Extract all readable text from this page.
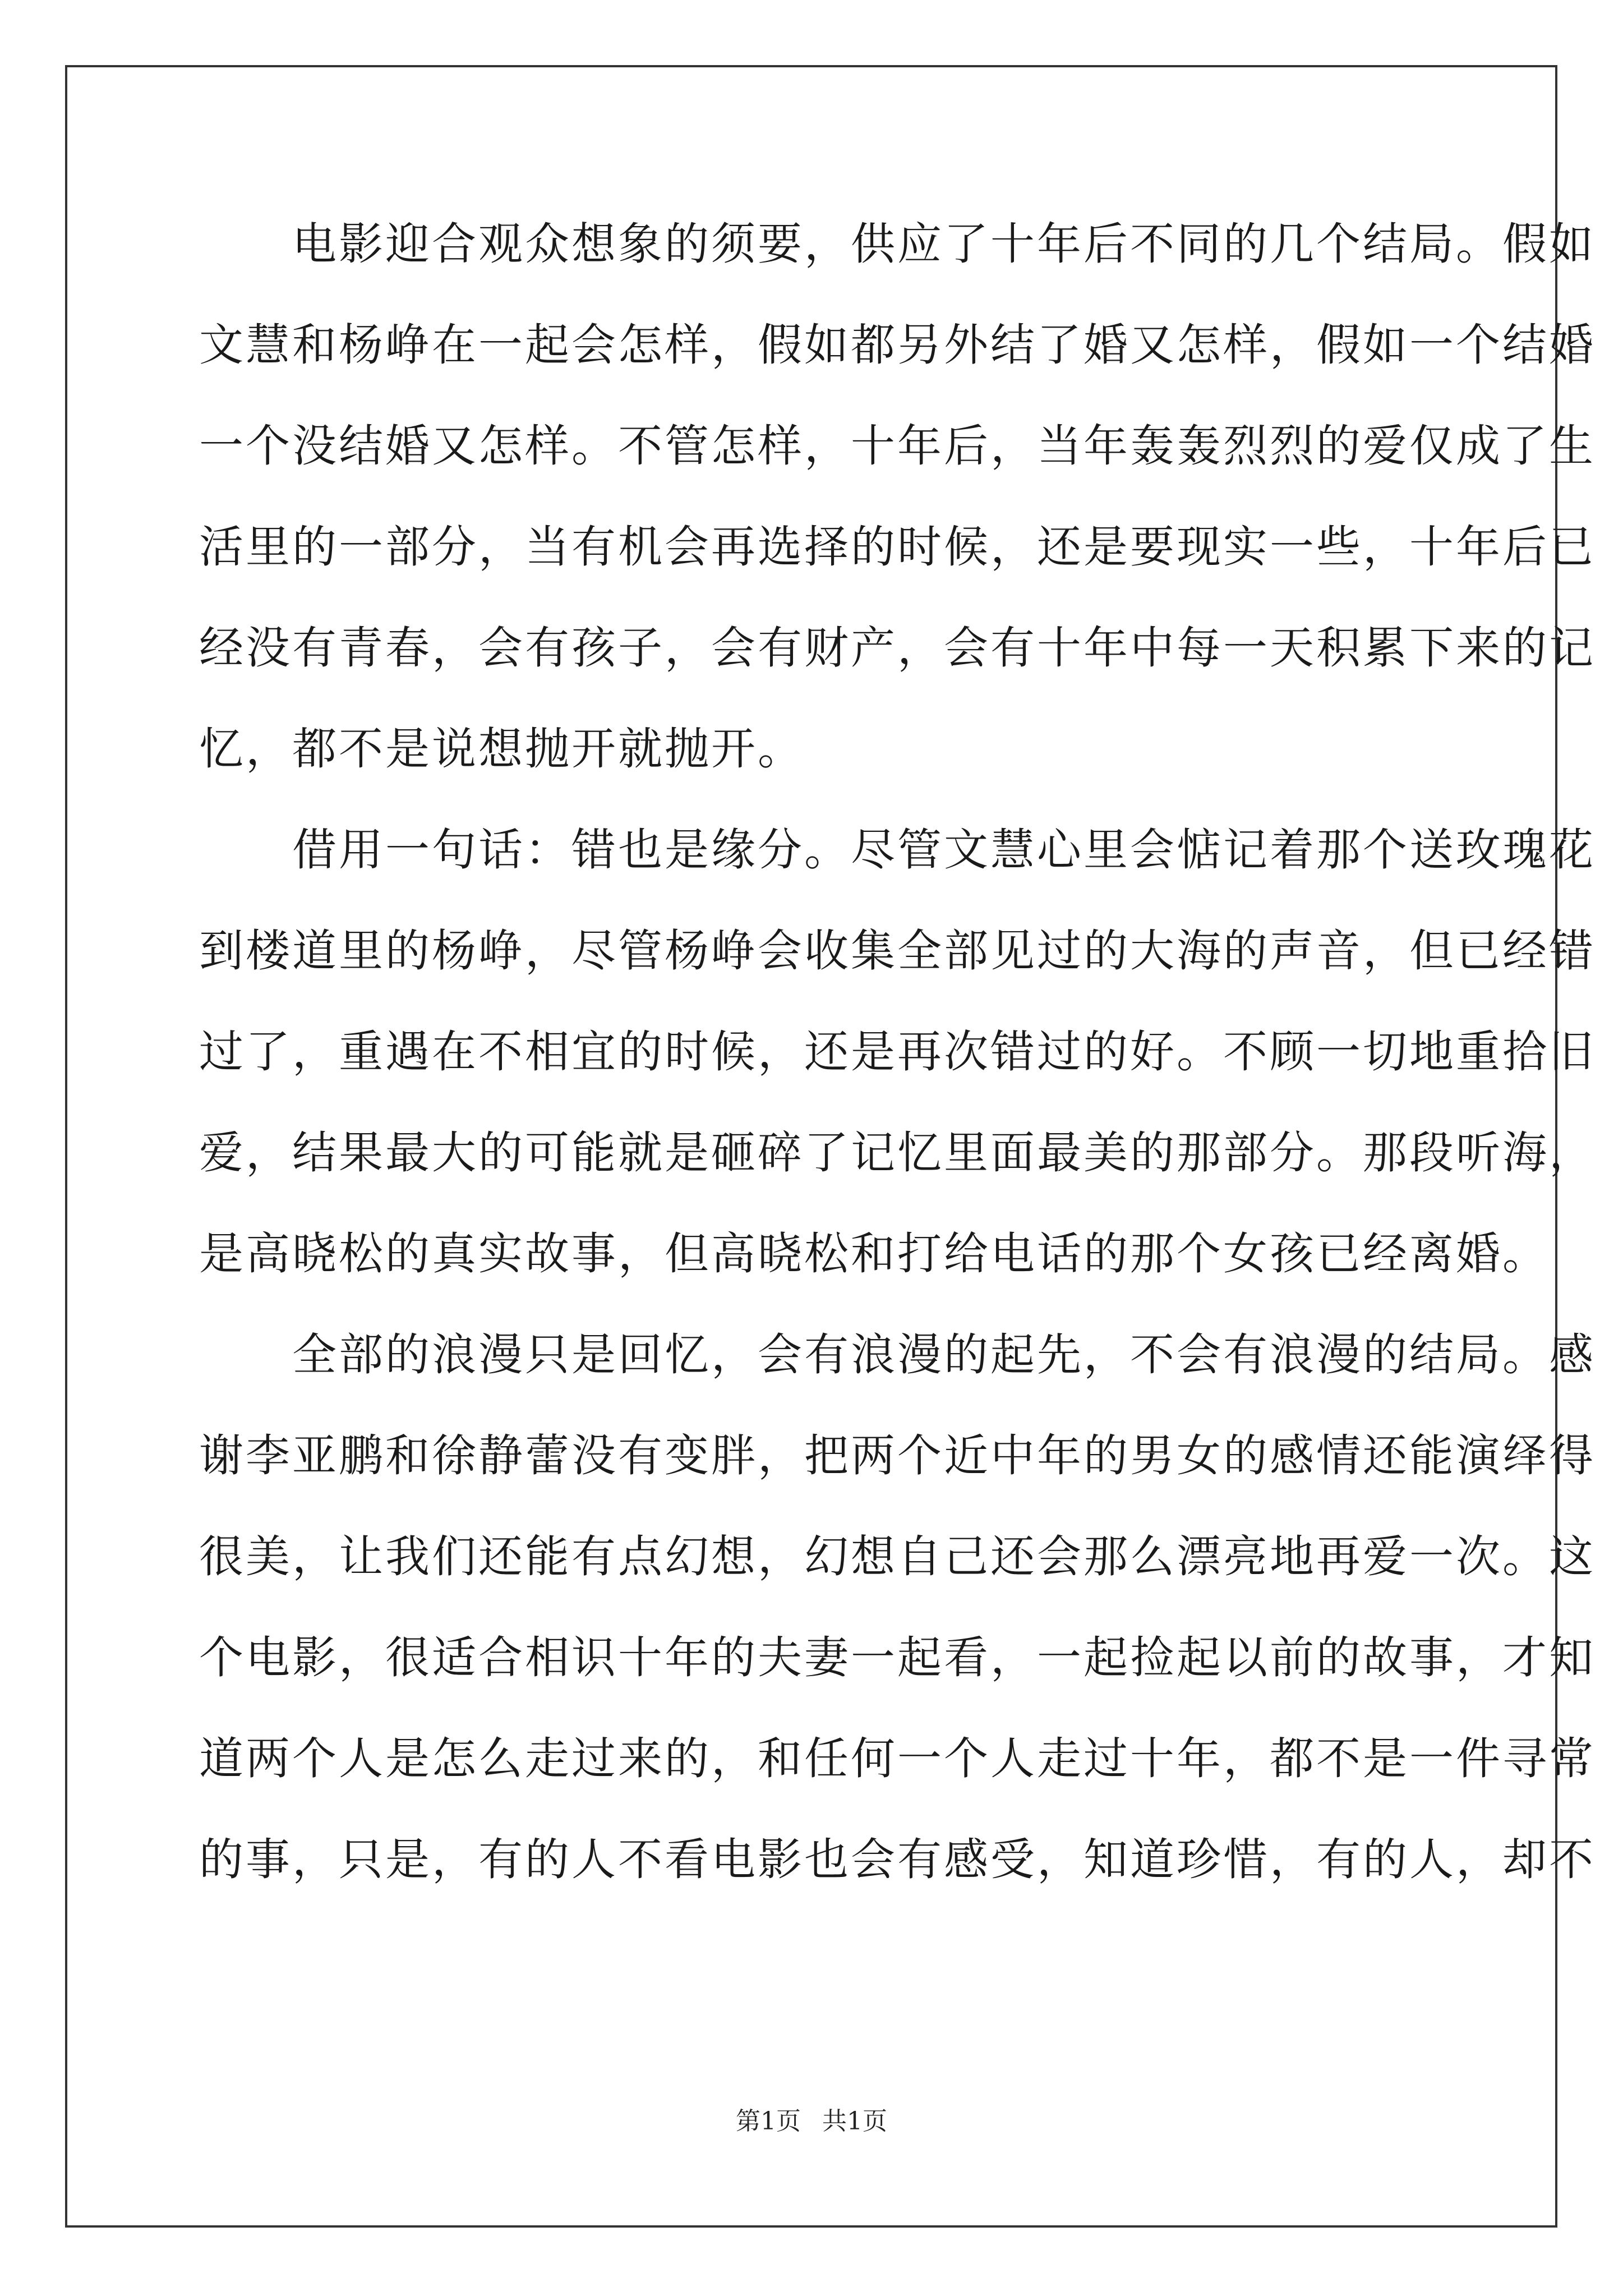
　　电影迎合观众想象的须要，供应了十年后不同的几个结局。假如
文慧和杨峥在一起会怎样，假如都另外结了婚又怎样，假如一个结婚
一个没结婚又怎样。不管怎样，十年后，当年轰轰烈烈的爱仅成了生
活里的一部分，当有机会再选择的时候，还是要现实一些，十年后已
经没有青春，会有孩子，会有财产，会有十年中每一天积累下来的记
忆，都不是说想抛开就抛开。
　　借用一句话：错也是缘分。尽管文慧心里会惦记着那个送玫瑰花
到楼道里的杨峥，尽管杨峥会收集全部见过的大海的声音，但已经错
过了，重遇在不相宜的时候，还是再次错过的好。不顾一切地重拾旧
爱，结果最大的可能就是砸碎了记忆里面最美的那部分。那段听海，
是高晓松的真实故事，但高晓松和打给电话的那个女孩已经离婚。
　　全部的浪漫只是回忆，会有浪漫的起先，不会有浪漫的结局。感
谢李亚鹏和徐静蕾没有变胖，把两个近中年的男女的感情还能演绎得
很美，让我们还能有点幻想，幻想自己还会那么漂亮地再爱一次。这
个电影，很适合相识十年的夫妻一起看，一起捡起以前的故事，才知
道两个人是怎么走过来的，和任何一个人走过十年，都不是一件寻常
的事，只是，有的人不看电影也会有感受，知道珍惜，有的人，却不
第1页 共1页
